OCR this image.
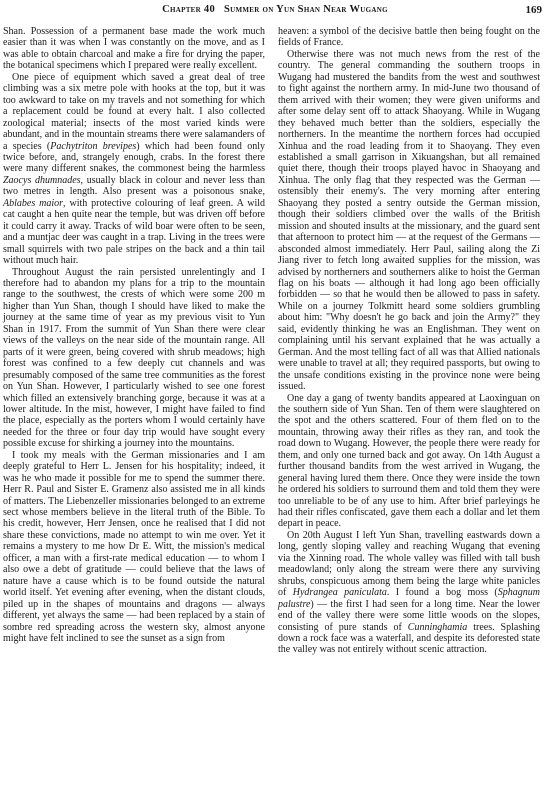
Chapter 40 Summer on Yun Shan Near Wugang	169

Shan. Possession of a permanent base made the work much easier than it was when I was constantly on the move, and as I was able to obtain charcoal and make a fire for drying the paper, the botanical specimens which I prepared were really excellent.

One piece of equipment which saved a great deal of tree climbing was a six metre pole with hooks at the top, but it was too awkward to take on my travels and not something for which a replacement could be found at every halt. I also collected zoological material; insects of the most varied kinds were abundant, and in the mountain streams there were salamanders of a species (Pachytriton brevipes) which had been found only twice before, and, strangely enough, crabs. In the forest there were many different snakes, the commonest being the harmless Zaocys dhumnades, usually black in colour and never less than two metres in length. Also present was a poisonous snake, Ablabes maior, with protective colouring of leaf green. A wild cat caught a hen quite near the temple, but was driven off before it could carry it away. Tracks of wild boar were often to be seen, and a muntjac deer was caught in a trap. Living in the trees were small squirrels with two pale stripes on the back and a thin tail without much hair.

Throughout August the rain persisted unrelentingly and I therefore had to abandon my plans for a trip to the mountain range to the southwest, the crests of which were some 200 m higher than Yun Shan, though I should have liked to make the journey at the same time of year as my previous visit to Yun Shan in 1917. From the summit of Yun Shan there were clear views of the valleys on the near side of the mountain range. All parts of it were green, being covered with shrub meadows; high forest was confined to a few deeply cut channels and was presumably composed of the same tree communities as the forest on Yun Shan. However, I particularly wished to see one forest which filled an extensively branching gorge, because it was at a lower altitude. In the mist, however, I might have failed to find the place, especially as the porters whom I would certainly have needed for the three or four day trip would have sought every possible excuse for shirking a journey into the mountains.

I took my meals with the German missionaries and I am deeply grateful to Herr L. Jensen for his hospitality; indeed, it was he who made it possible for me to spend the summer there. Herr R. Paul and Sister E. Gramenz also assisted me in all kinds of matters. The Liebenzeller missionaries belonged to an extreme sect whose members believe in the literal truth of the Bible. To his credit, however, Herr Jensen, once he realised that I did not share these convictions, made no attempt to win me over. Yet it remains a mystery to me how Dr E. Witt, the mission's medical officer, a man with a first-rate medical education — to whom I also owe a debt of gratitude — could believe that the laws of nature have a cause which is to be found outside the natural world itself. Yet evening after evening, when the distant clouds, piled up in the shapes of mountains and dragons — always different, yet always the same — had been replaced by a stain of sombre red spreading across the western sky, almost anyone might have felt inclined to see the sunset as a sign from

heaven: a symbol of the decisive battle then being fought on the fields of France.

Otherwise there was not much news from the rest of the country. The general commanding the southern troops in Wugang had mustered the bandits from the west and southwest to fight against the northern army. In mid-June two thousand of them arrived with their women; they were given uniforms and after some delay sent off to attack Shaoyang. While in Wugang they behaved much better than the soldiers, especially the northerners. In the meantime the northern forces had occupied Xinhua and the road leading from it to Shaoyang. They even established a small garrison in Xikuangshan, but all remained quiet there, though their troops played havoc in Shaoyang and Xinhua. The only flag that they respected was the German — ostensibly their enemy's. The very morning after entering Shaoyang they posted a sentry outside the German mission, though their soldiers climbed over the walls of the British mission and shouted insults at the missionary, and the guard sent that afternoon to protect him — at the request of the Germans — absconded almost immediately. Herr Paul, sailing along the Zi Jiang river to fetch long awaited supplies for the mission, was advised by northerners and southerners alike to hoist the German flag on his boats — although it had long ago been officially forbidden — so that he would then be allowed to pass in safety. While on a journey Tolkmitt heard some soldiers grumbling about him: "Why doesn't he go back and join the Army?" they said, evidently thinking he was an Englishman. They went on complaining until his servant explained that he was actually a German. And the most telling fact of all was that Allied nationals were unable to travel at all; they required passports, but owing to the unsafe conditions existing in the province none were being issued.

One day a gang of twenty bandits appeared at Laoxinguan on the southern side of Yun Shan. Ten of them were slaughtered on the spot and the others scattered. Four of them fled on to the mountain, throwing away their rifles as they ran, and took the road down to Wugang. However, the people there were ready for them, and only one turned back and got away. On 14th August a further thousand bandits from the west arrived in Wugang, the general having lured them there. Once they were inside the town he ordered his soldiers to surround them and told them they were too unreliable to be of any use to him. After brief parleyings he had their rifles confiscated, gave them each a dollar and let them depart in peace.

On 20th August I left Yun Shan, travelling eastwards down a long, gently sloping valley and reaching Wugang that evening via the Xinning road. The whole valley was filled with tall bush meadowland; only along the stream were there any surviving shrubs, conspicuous among them being the large white panicles of Hydrangea paniculata. I found a bog moss (Sphagnum palustre) — the first I had seen for a long time. Near the lower end of the valley there were some little woods on the slopes, consisting of pure stands of Cunninghamia trees. Splashing down a rock face was a waterfall, and despite its deforested state the valley was not entirely without scenic attraction.
